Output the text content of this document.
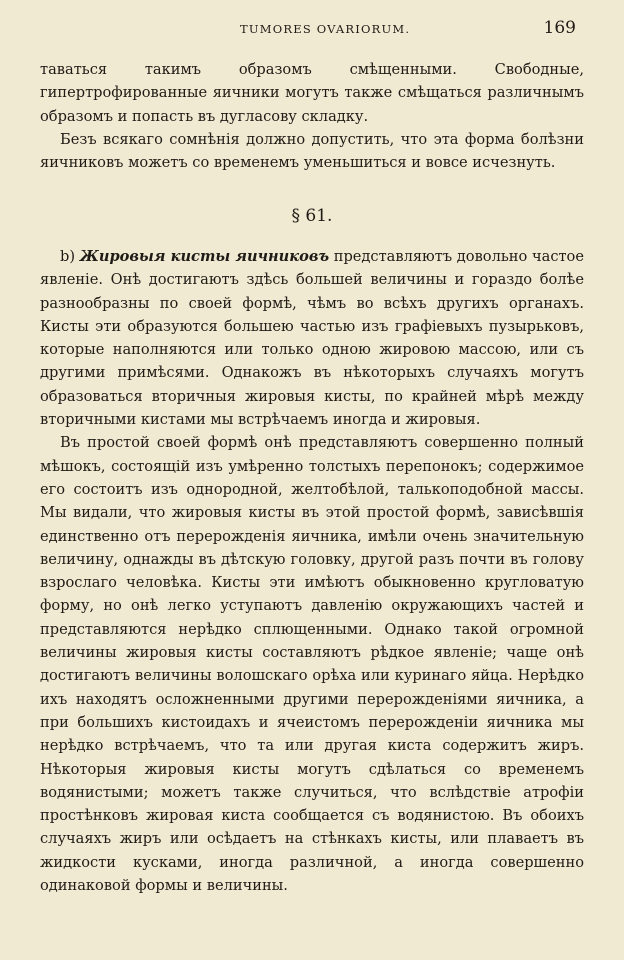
TUMORES OVARIORUM.	169

таваться такимъ образомъ смѣщенными. Свободные, гипертрофированные яичники могутъ также смѣщаться различнымъ образомъ и попасть въ дугласову складку.

Безъ всякаго сомнѣнія должно допустить, что эта форма болѣзни яичниковъ можетъ со временемъ уменьшиться и вовсе исчезнуть.

§ 61.

b) Жировыя кисты яичниковъ представляютъ довольно частое явленіе. Онѣ достигаютъ здѣсь большей величины и гораздо болѣе разнообразны по своей формѣ, чѣмъ во всѣхъ другихъ органахъ. Кисты эти образуются большею частью изъ графіевыхъ пузырьковъ, которые наполняются или только одною жировою массою, или съ другими примѣсями. Однакожъ въ нѣкоторыхъ случаяхъ могутъ образоваться вторичныя жировыя кисты, по крайней мѣрѣ между вторичными кистами мы встрѣчаемъ иногда и жировыя.

Въ простой своей формѣ онѣ представляютъ совершенно полный мѣшокъ, состоящій изъ умѣренно толстыхъ перепонокъ; содержимое его состоитъ изъ однородной, желтобѣлой, талькоподобной массы. Мы видали, что жировыя кисты въ этой простой формѣ, зависѣвшія единственно отъ перерожденія яичника, имѣли очень значительную величину, однажды въ дѣтскую головку, другой разъ почти въ голову взрослаго человѣка. Кисты эти имѣютъ обыкновенно кругловатую форму, но онѣ легко уступаютъ давленію окружающихъ частей и представляются нерѣдко сплющенными. Однако такой огромной величины жировыя кисты составляютъ рѣдкое явленіе; чаще онѣ достигаютъ величины волошскаго орѣха или куринаго яйца. Нерѣдко ихъ находятъ осложненными другими перерожденіями яичника, а при большихъ кистоидахъ и ячеистомъ перерожденіи яичника мы нерѣдко встрѣчаемъ, что та или другая киста содержитъ жиръ. Нѣкоторыя жировыя кисты могутъ сдѣлаться со временемъ водянистыми; можетъ также случиться, что вслѣдствіе атрофіи простѣнковъ жировая киста сообщается съ водянистою. Въ обоихъ случаяхъ жиръ или осѣдаетъ на стѣнкахъ кисты, или плаваетъ въ жидкости кусками, иногда различной, а иногда совершенно одинаковой формы и величины.
